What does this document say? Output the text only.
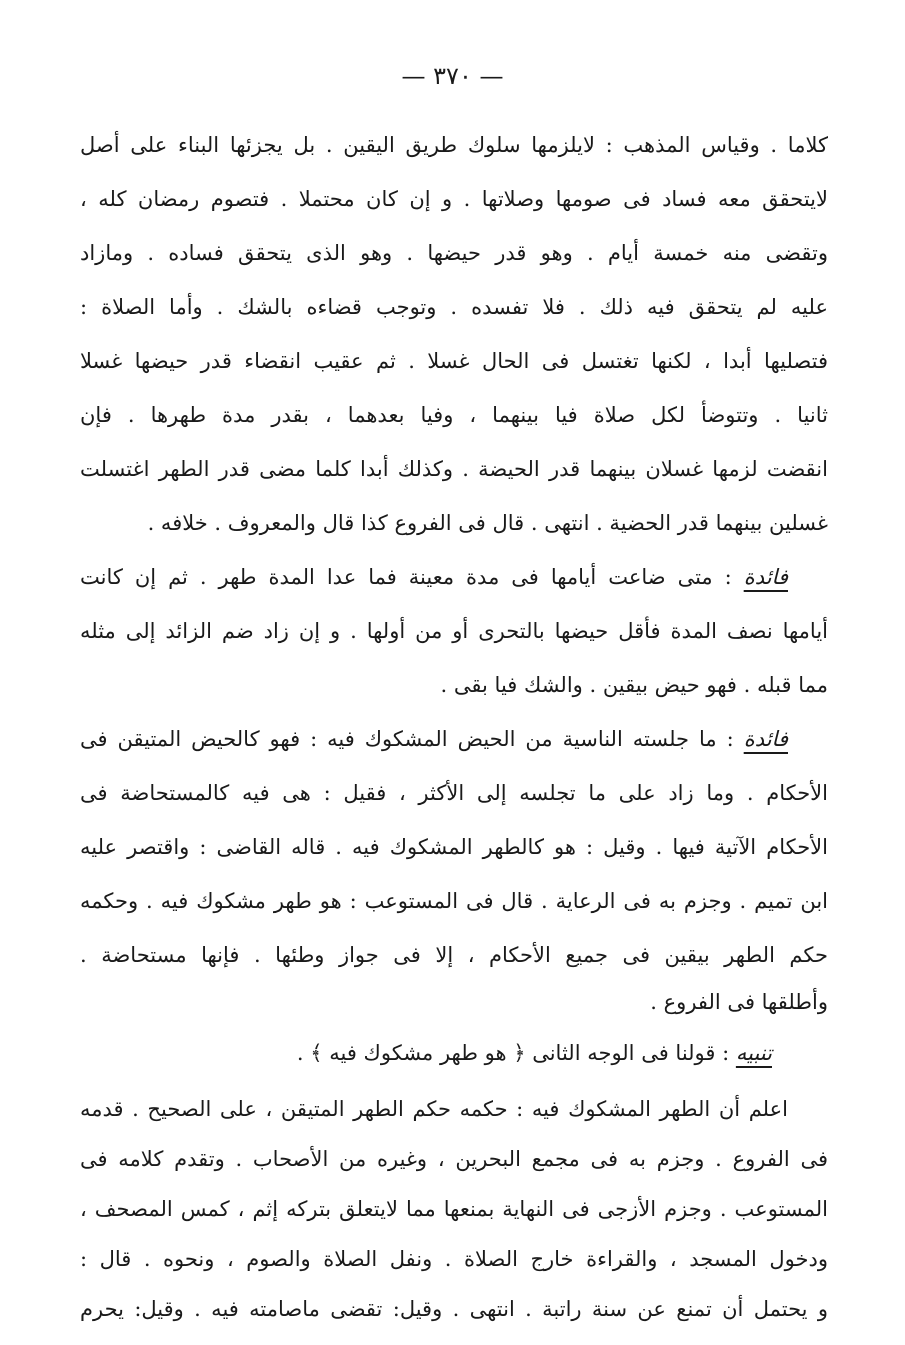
— ٣٧٠ —
كلاما . وقياس المذهب : لايلزمها سلوك طريق اليقين . بل يجزئها البناء على أصل
لايتحقق معه فساد فى صومها وصلاتها . و إن كان محتملا . فتصوم رمضان كله ،
وتقضى منه خمسة أيام . وهو قدر حيضها . وهو الذى يتحقق فساده . ومازاد
عليه لم يتحقق فيه ذلك . فلا تفسده . وتوجب قضاءه بالشك . وأما الصلاة :
فتصليها أبدا ، لكنها تغتسل فى الحال غسلا . ثم عقيب انقضاء قدر حيضها غسلا
ثانيا . وتتوضأ لكل صلاة فيا بينهما ، وفيا بعدهما ، بقدر مدة طهرها . فإن
انقضت لزمها غسلان بينهما قدر الحيضة . وكذلك أبدا كلما مضى قدر الطهر اغتسلت
غسلين بينهما قدر الحضية . انتهى . قال فى الفروع كذا قال والمعروف . خلافه .
فائدة : متى ضاعت أيامها فى مدة معينة فما عدا المدة طهر . ثم إن كانت
أيامها نصف المدة فأقل حيضها بالتحرى أو من أولها . و إن زاد ضم الزائد إلى مثله
مما قبله . فهو حيض بيقين . والشك فيا بقى .
فائدة : ما جلسته الناسية من الحيض المشكوك فيه : فهو كالحيض المتيقن فى
الأحكام . وما زاد على ما تجلسه إلى الأكثر ، فقيل : هى فيه كالمستحاضة فى
الأحكام الآتية فيها . وقيل : هو كالطهر المشكوك فيه . قاله القاضى : واقتصر عليه
ابن تميم . وجزم به فى الرعاية . قال فى المستوعب : هو طهر مشكوك فيه . وحكمه
حكم الطهر بيقين فى جميع الأحكام ، إلا فى جواز وطئها . فإنها مستحاضة .
وأطلقها فى الفروع .
تنبيه : قولنا فى الوجه الثانى ﴿ هو طهر مشكوك فيه ﴾ .
اعلم أن الطهر المشكوك فيه : حكمه حكم الطهر المتيقن ، على الصحيح . قدمه
فى الفروع . وجزم به فى مجمع البحرين ، وغيره من الأصحاب . وتقدم كلامه فى
المستوعب . وجزم الأزجى فى النهاية بمنعها مما لايتعلق بتركه إثم ، كمس المصحف ،
ودخول المسجد ، والقراءة خارج الصلاة . ونفل الصلاة والصوم ، ونحوه . قال :
و يحتمل أن تمنع عن سنة راتبة . انتهى . وقيل: تقضى ماصامته فيه . وقيل: يحرم
